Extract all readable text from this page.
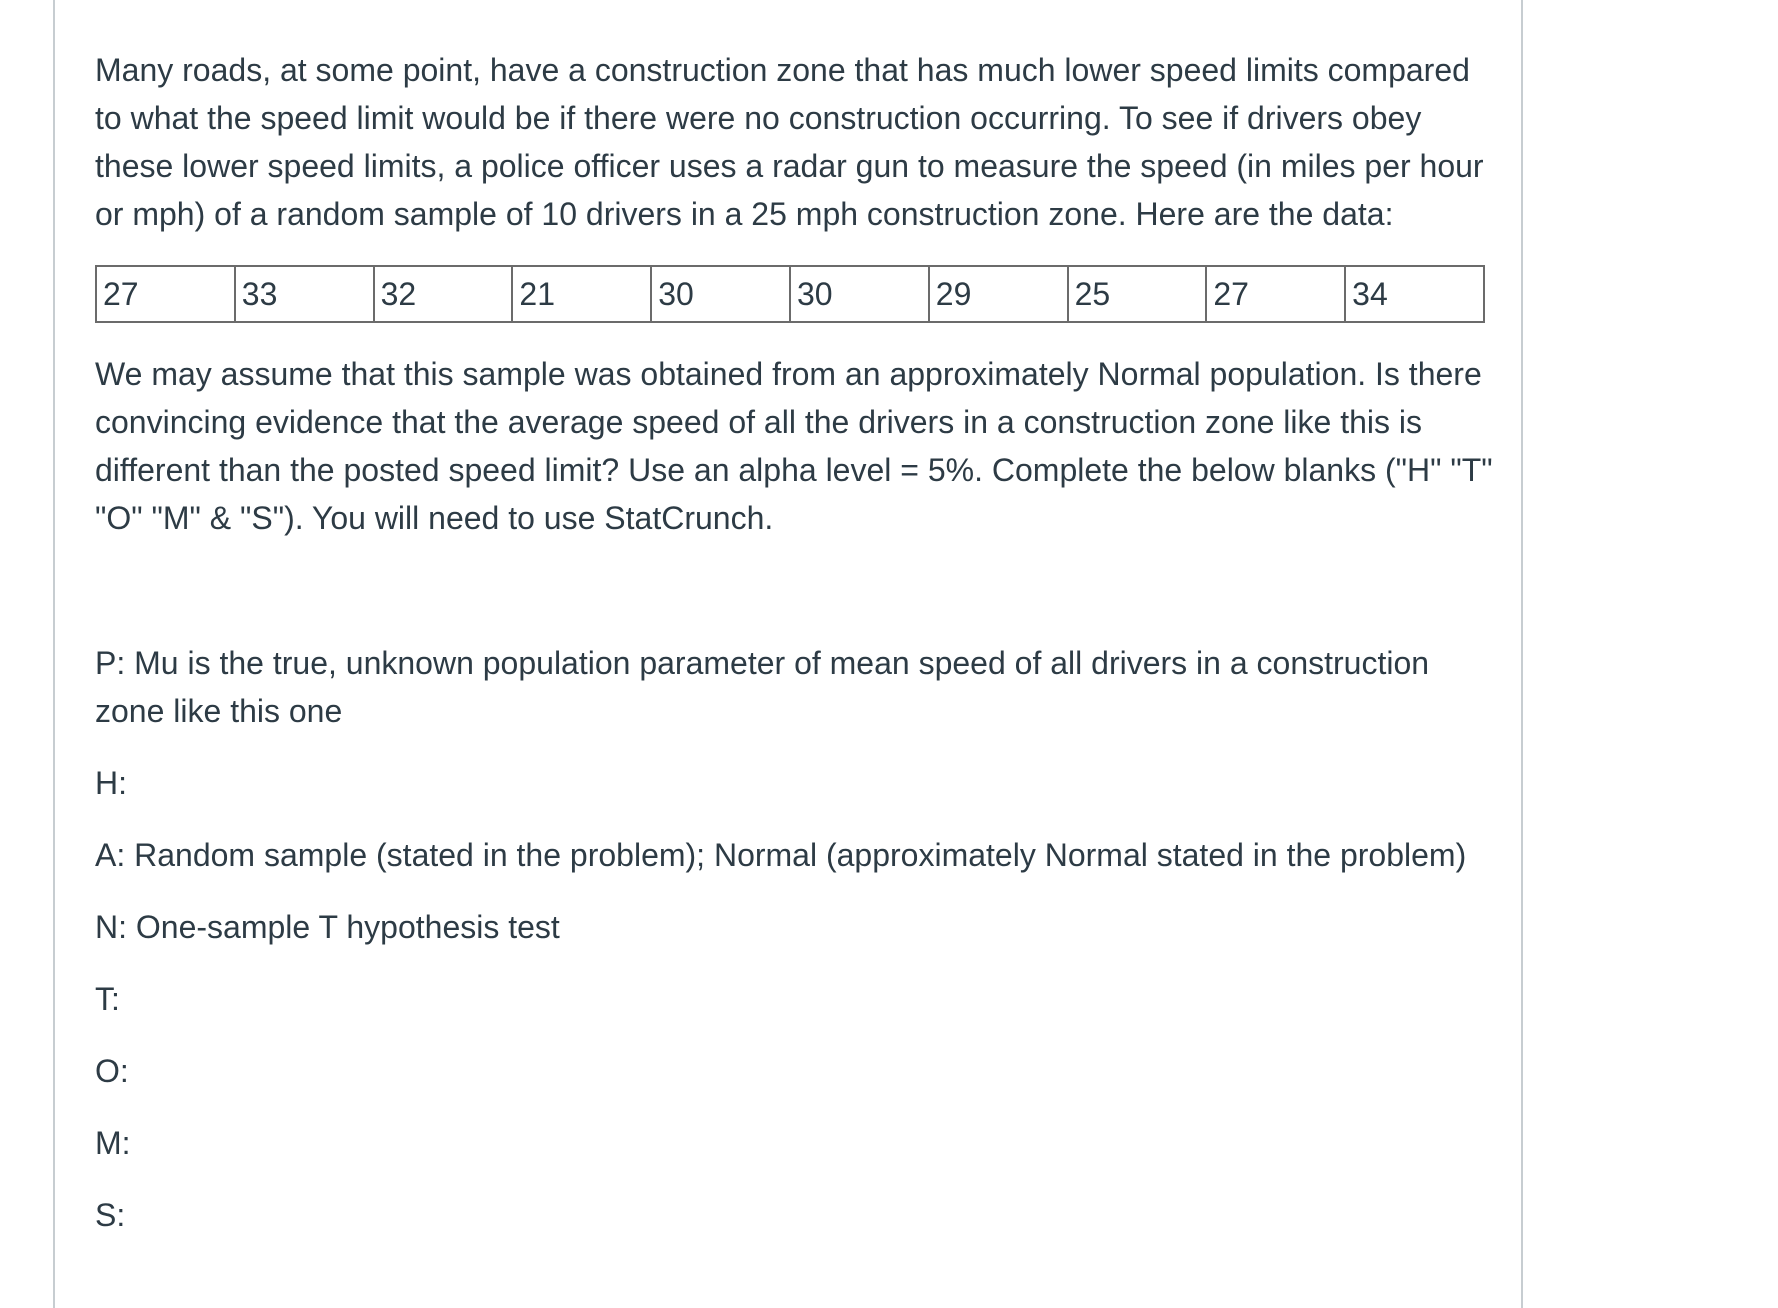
Many roads, at some point, have a construction zone that has much lower speed limits compared to what the speed limit would be if there were no construction occurring. To see if drivers obey these lower speed limits, a police officer uses a radar gun to measure the speed (in miles per hour or mph) of a random sample of 10 drivers in a 25 mph construction zone. Here are the data:

27	33	32	21	30	30	29	25	27	34

We may assume that this sample was obtained from an approximately Normal population. Is there convincing evidence that the average speed of all the drivers in a construction zone like this is different than the posted speed limit? Use an alpha level = 5%. Complete the below blanks ("H" "T" "O" "M" & "S"). You will need to use StatCrunch.

P: Mu is the true, unknown population parameter of mean speed of all drivers in a construction zone like this one

H:

A: Random sample (stated in the problem); Normal (approximately Normal stated in the problem)

N: One-sample T hypothesis test

T:

O:

M:

S:
